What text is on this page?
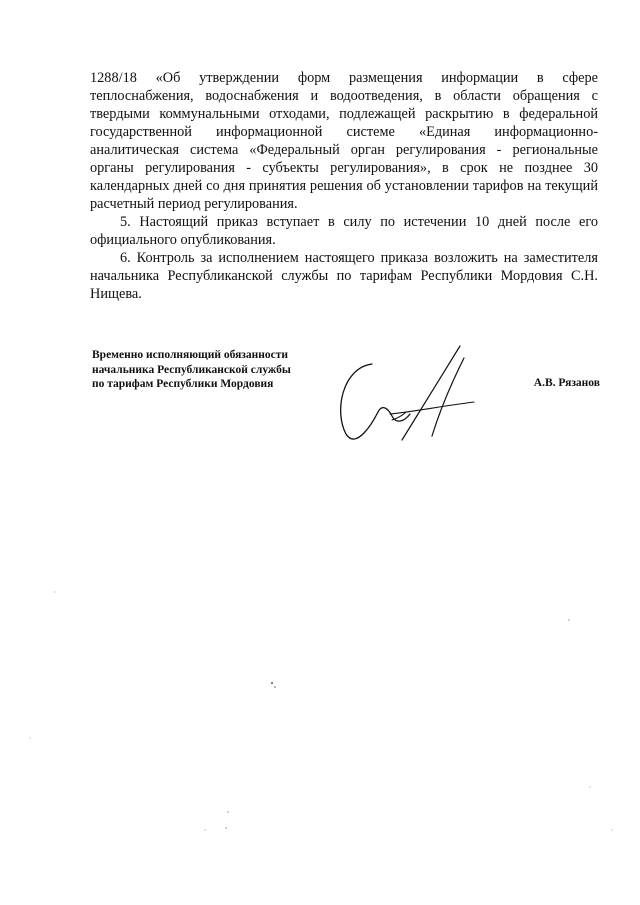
1288/18 «Об утверждении форм размещения информации в сфере теплоснабжения, водоснабжения и водоотведения, в области обращения с твердыми коммунальными отходами, подлежащей раскрытию в федеральной государственной информационной системе «Единая информационно- аналитическая система «Федеральный орган регулирования - региональные органы регулирования - субъекты регулирования», в срок не позднее 30 календарных дней со дня принятия решения об установлении тарифов на текущий расчетный период регулирования.

5. Настоящий приказ вступает в силу по истечении 10 дней после его официального опубликования.

6. Контроль за исполнением настоящего приказа возложить на заместителя начальника Республиканской службы по тарифам Республики Мордовия С.Н. Нищева.

Временно исполняющий обязанности
начальника Республиканской службы
по тарифам Республики Мордовия	А.В. Рязанов
